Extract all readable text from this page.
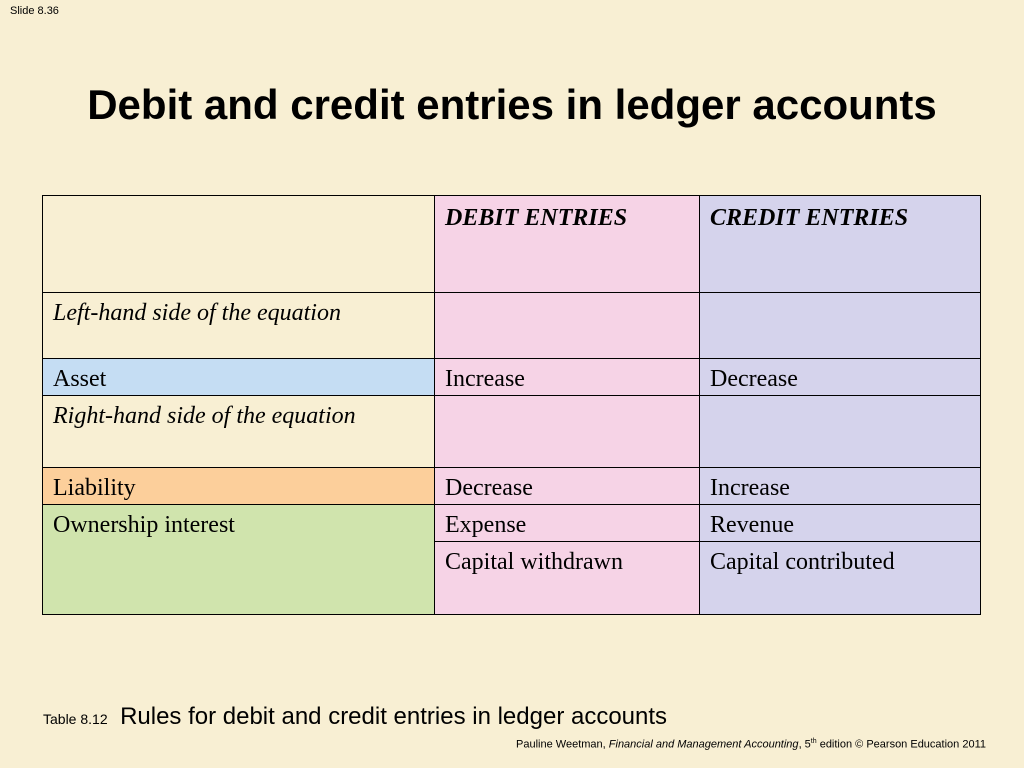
Slide 8.36
Debit and credit entries in ledger accounts
	DEBIT ENTRIES	CREDIT ENTRIES
Left-hand side of the equation		
Asset	Increase	Decrease
Right-hand side of the equation		
Liability	Decrease	Increase
Ownership interest	Expense	Revenue
	Capital withdrawn	Capital contributed
Table 8.12 Rules for debit and credit entries in ledger accounts
Pauline Weetman, Financial and Management Accounting, 5th edition © Pearson Education 2011
